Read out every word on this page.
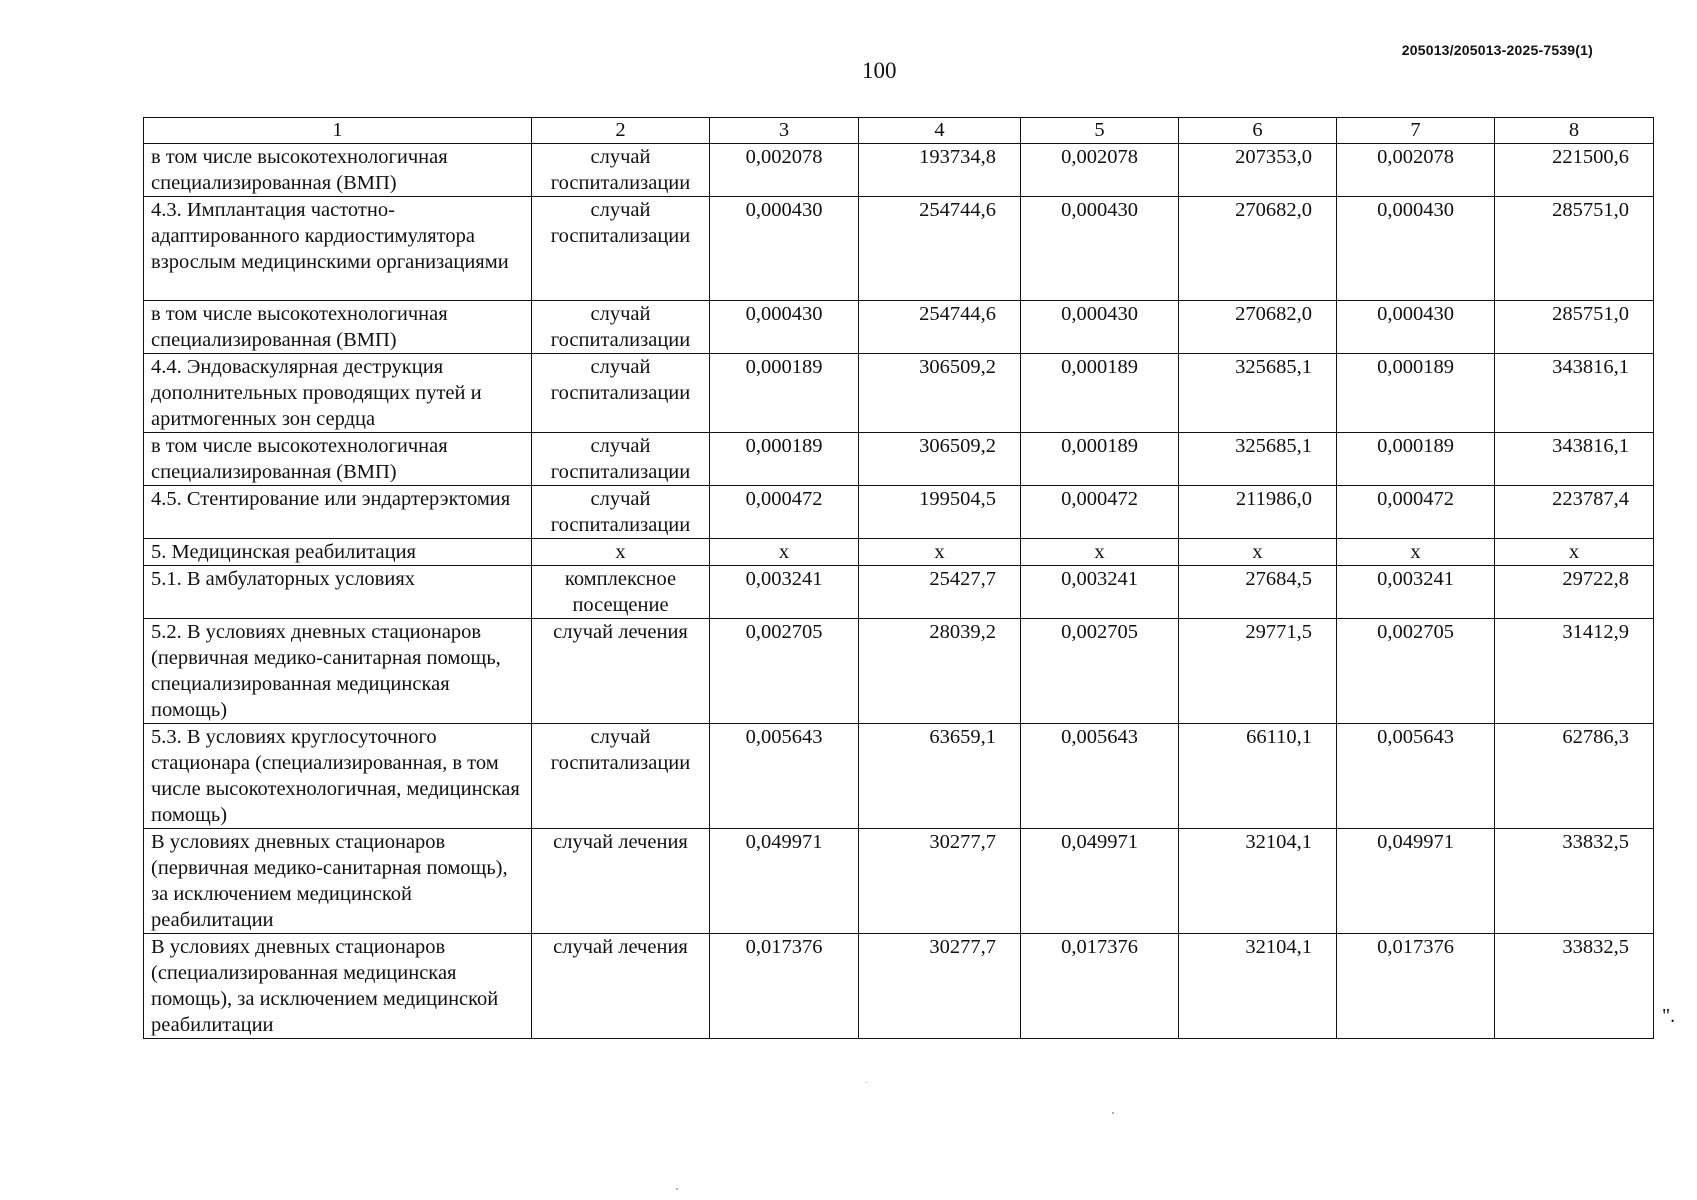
205013/205013-2025-7539(1)
100
1	2	3	4	5	6	7	8
в том числе высокотехнологичная специализированная (ВМП)	случай госпитализации	0,002078	193734,8	0,002078	207353,0	0,002078	221500,6
4.3. Имплантация частотно-адаптированного кардиостимулятора взрослым медицинскими организациями	случай госпитализации	0,000430	254744,6	0,000430	270682,0	0,000430	285751,0
в том числе высокотехнологичная специализированная (ВМП)	случай госпитализации	0,000430	254744,6	0,000430	270682,0	0,000430	285751,0
4.4. Эндоваскулярная деструкция дополнительных проводящих путей и аритмогенных зон сердца	случай госпитализации	0,000189	306509,2	0,000189	325685,1	0,000189	343816,1
в том числе высокотехнологичная специализированная (ВМП)	случай госпитализации	0,000189	306509,2	0,000189	325685,1	0,000189	343816,1
4.5. Стентирование или эндартерэктомия	случай госпитализации	0,000472	199504,5	0,000472	211986,0	0,000472	223787,4
5. Медицинская реабилитация	х	х	х	х	х	х	х
5.1. В амбулаторных условиях	комплексное посещение	0,003241	25427,7	0,003241	27684,5	0,003241	29722,8
5.2. В условиях дневных стационаров (первичная медико-санитарная помощь, специализированная медицинская помощь)	случай лечения	0,002705	28039,2	0,002705	29771,5	0,002705	31412,9
5.3. В условиях круглосуточного стационара (специализированная, в том числе высокотехнологичная, медицинская помощь)	случай госпитализации	0,005643	63659,1	0,005643	66110,1	0,005643	62786,3
В условиях дневных стационаров (первичная медико-санитарная помощь), за исключением медицинской реабилитации	случай лечения	0,049971	30277,7	0,049971	32104,1	0,049971	33832,5
В условиях дневных стационаров (специализированная медицинская помощь), за исключением медицинской реабилитации	случай лечения	0,017376	30277,7	0,017376	32104,1	0,017376	33832,5
".
